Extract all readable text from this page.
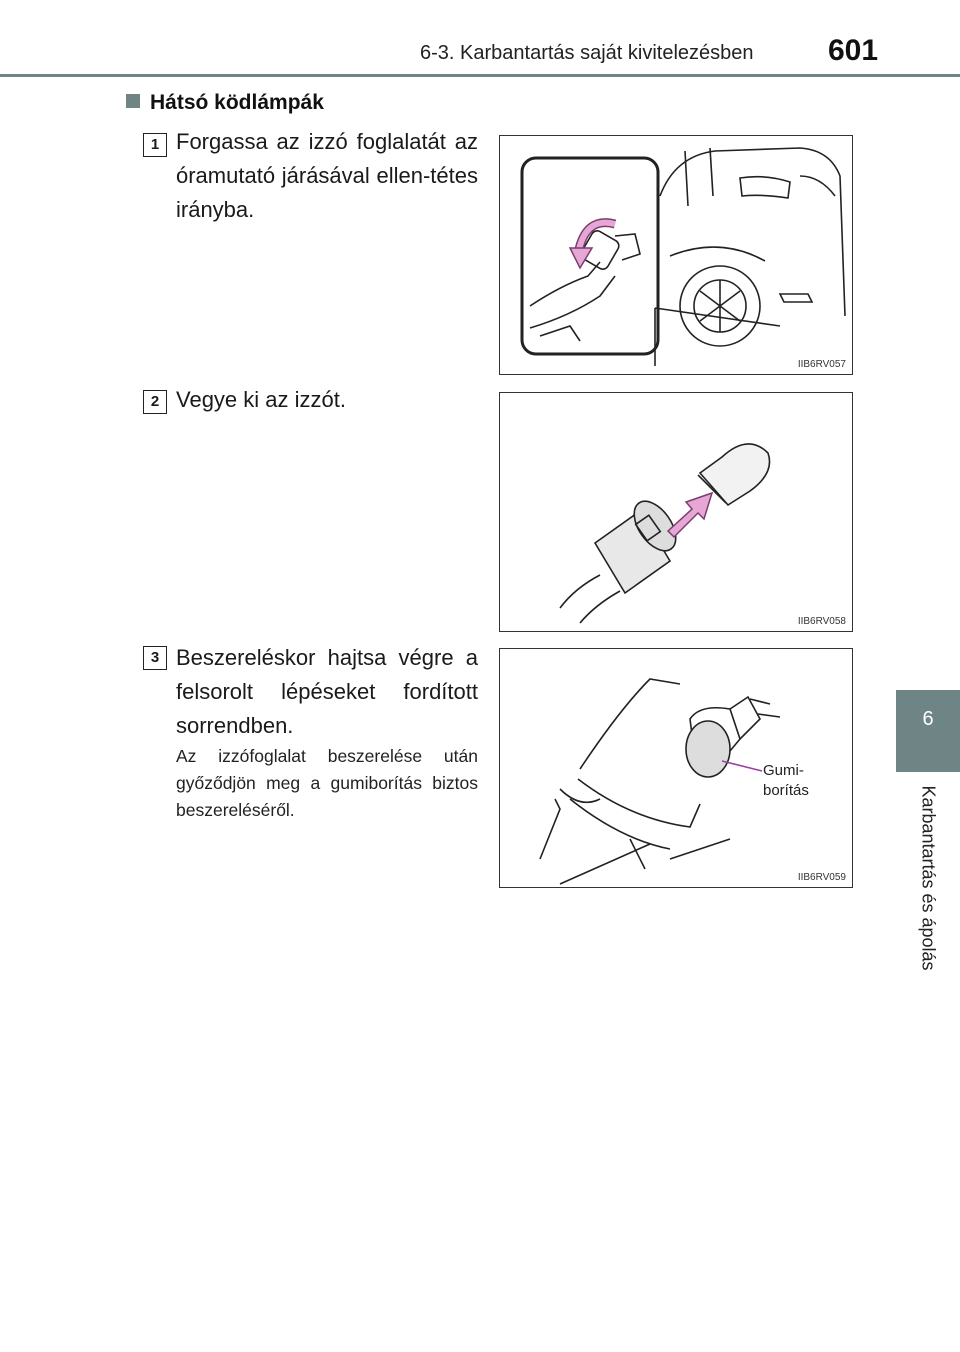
6-3. Karbantartás saját kivitelezésben 601
6
Karbantartás és ápolás
Hátsó ködlámpák
1 Forgassa az izzó foglalatát az óramutató járásával ellen-tétes irányba.
2 Vegye ki az izzót.
3 Beszereléskor hajtsa végre a felsorolt lépéseket fordított sorrendben.
Az izzófoglalat beszerelése után győződjön meg a gumiborítás biztos beszereléséről.
IIB6RV057
IIB6RV058
Gumi-
borítás
IIB6RV059
